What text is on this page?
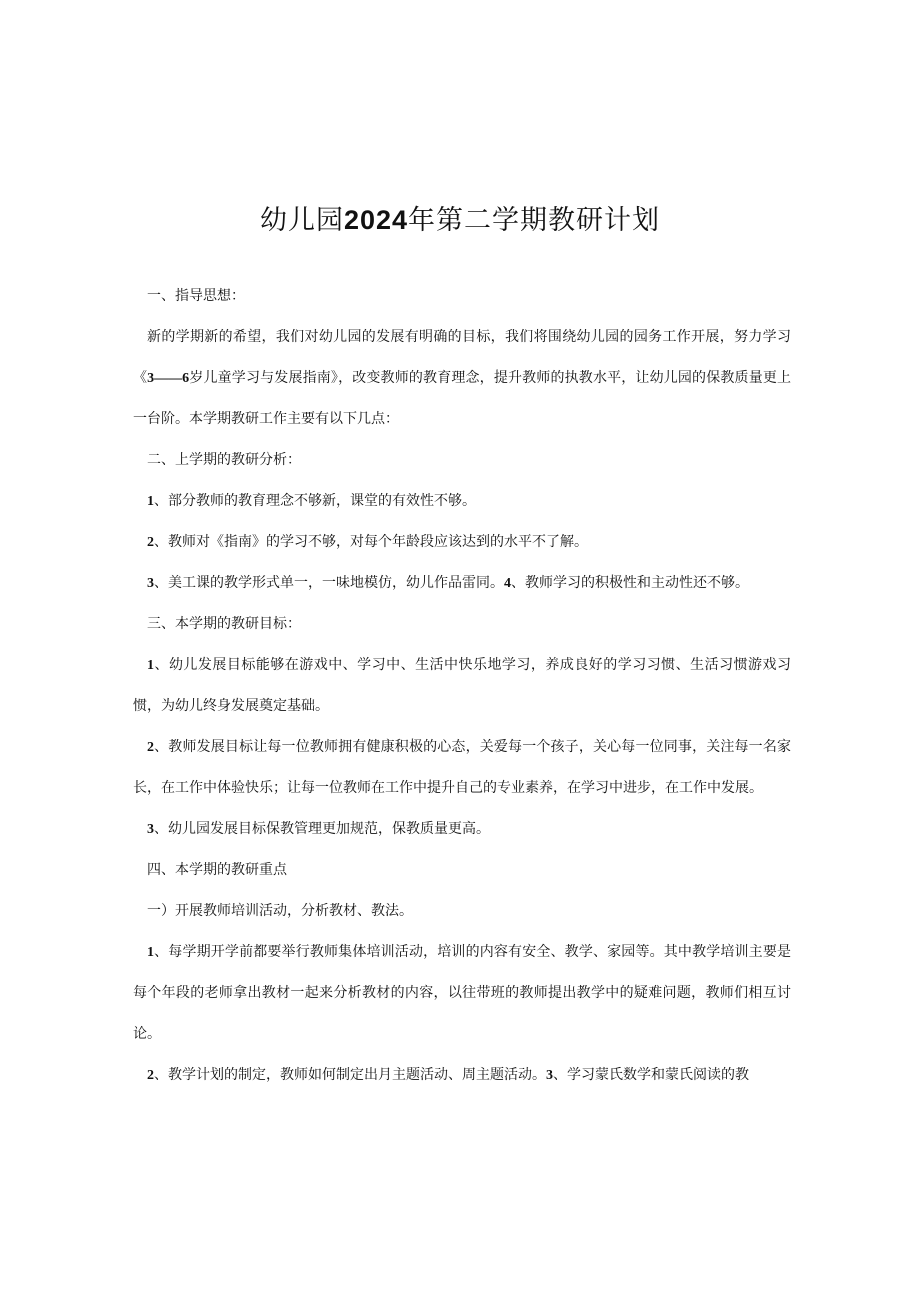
幼儿园2024年第二学期教研计划

一、指导思想：

新的学期新的希望，我们对幼儿园的发展有明确的目标，我们将围绕幼儿园的园务工作开展，努力学习《3——6岁儿童学习与发展指南》，改变教师的教育理念，提升教师的执教水平，让幼儿园的保教质量更上一台阶。本学期教研工作主要有以下几点：

二、上学期的教研分析：

1、部分教师的教育理念不够新，课堂的有效性不够。

2、教师对《指南》的学习不够，对每个年龄段应该达到的水平不了解。

3、美工课的教学形式单一，一味地模仿，幼儿作品雷同。4、教师学习的积极性和主动性还不够。

三、本学期的教研目标：

1、幼儿发展目标能够在游戏中、学习中、生活中快乐地学习，养成良好的学习习惯、生活习惯游戏习惯，为幼儿终身发展奠定基础。

2、教师发展目标让每一位教师拥有健康积极的心态，关爱每一个孩子，关心每一位同事，关注每一名家长，在工作中体验快乐；让每一位教师在工作中提升自己的专业素养，在学习中进步，在工作中发展。

3、幼儿园发展目标保教管理更加规范，保教质量更高。

四、本学期的教研重点

一）开展教师培训活动，分析教材、教法。

1、每学期开学前都要举行教师集体培训活动，培训的内容有安全、教学、家园等。其中教学培训主要是每个年段的老师拿出教材一起来分析教材的内容，以往带班的教师提出教学中的疑难问题，教师们相互讨论。

2、教学计划的制定，教师如何制定出月主题活动、周主题活动。3、学习蒙氏数学和蒙氏阅读的教
